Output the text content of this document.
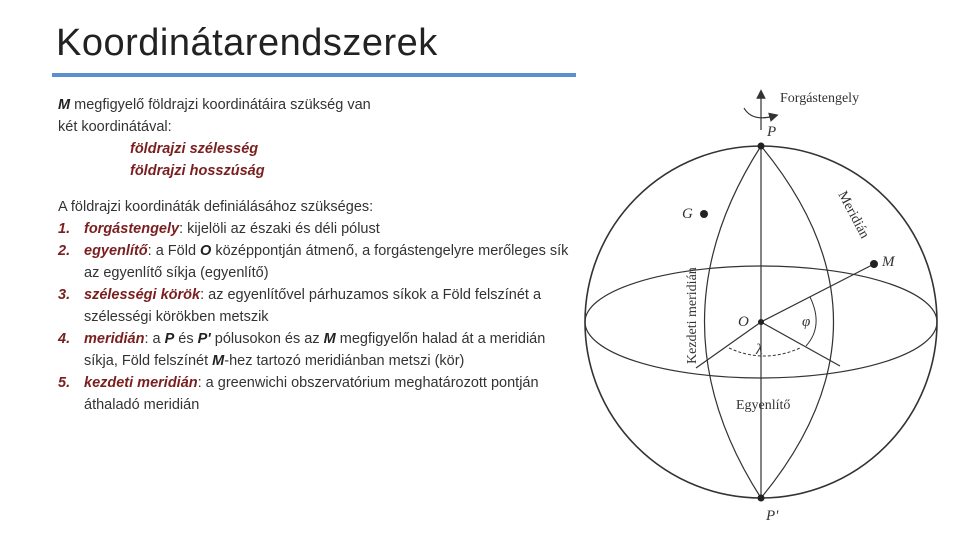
Koordinátarendszerek

M megfigyelő földrajzi koordinátáira szükség van

két koordinátával:

földrajzi szélesség

földrajzi hosszúság

A földrajzi koordináták definiálásához szükséges:

1. forgástengely: kijelöli az északi és déli pólust
2. egyenlítő: a Föld O középpontján átmenő, a forgástengelyre merőleges sík az egyenlítő síkja (egyenlítő)
3. szélességi körök: az egyenlítővel párhuzamos síkok a Föld felszínét a szélességi körökben metszik
4. meridián: a P és P' pólusokon és az M megfigyelőn halad át a meridián síkja, Föld felszínét M-hez tartozó meridiánban metszi (kör)
5. kezdeti meridián: a greenwichi obszervatórium meghatározott pontján áthaladó meridián
Forgástengely
P
P'
G
M
O	φ
λ
Meridián
Kezdeti meridián
Egyenlítő
